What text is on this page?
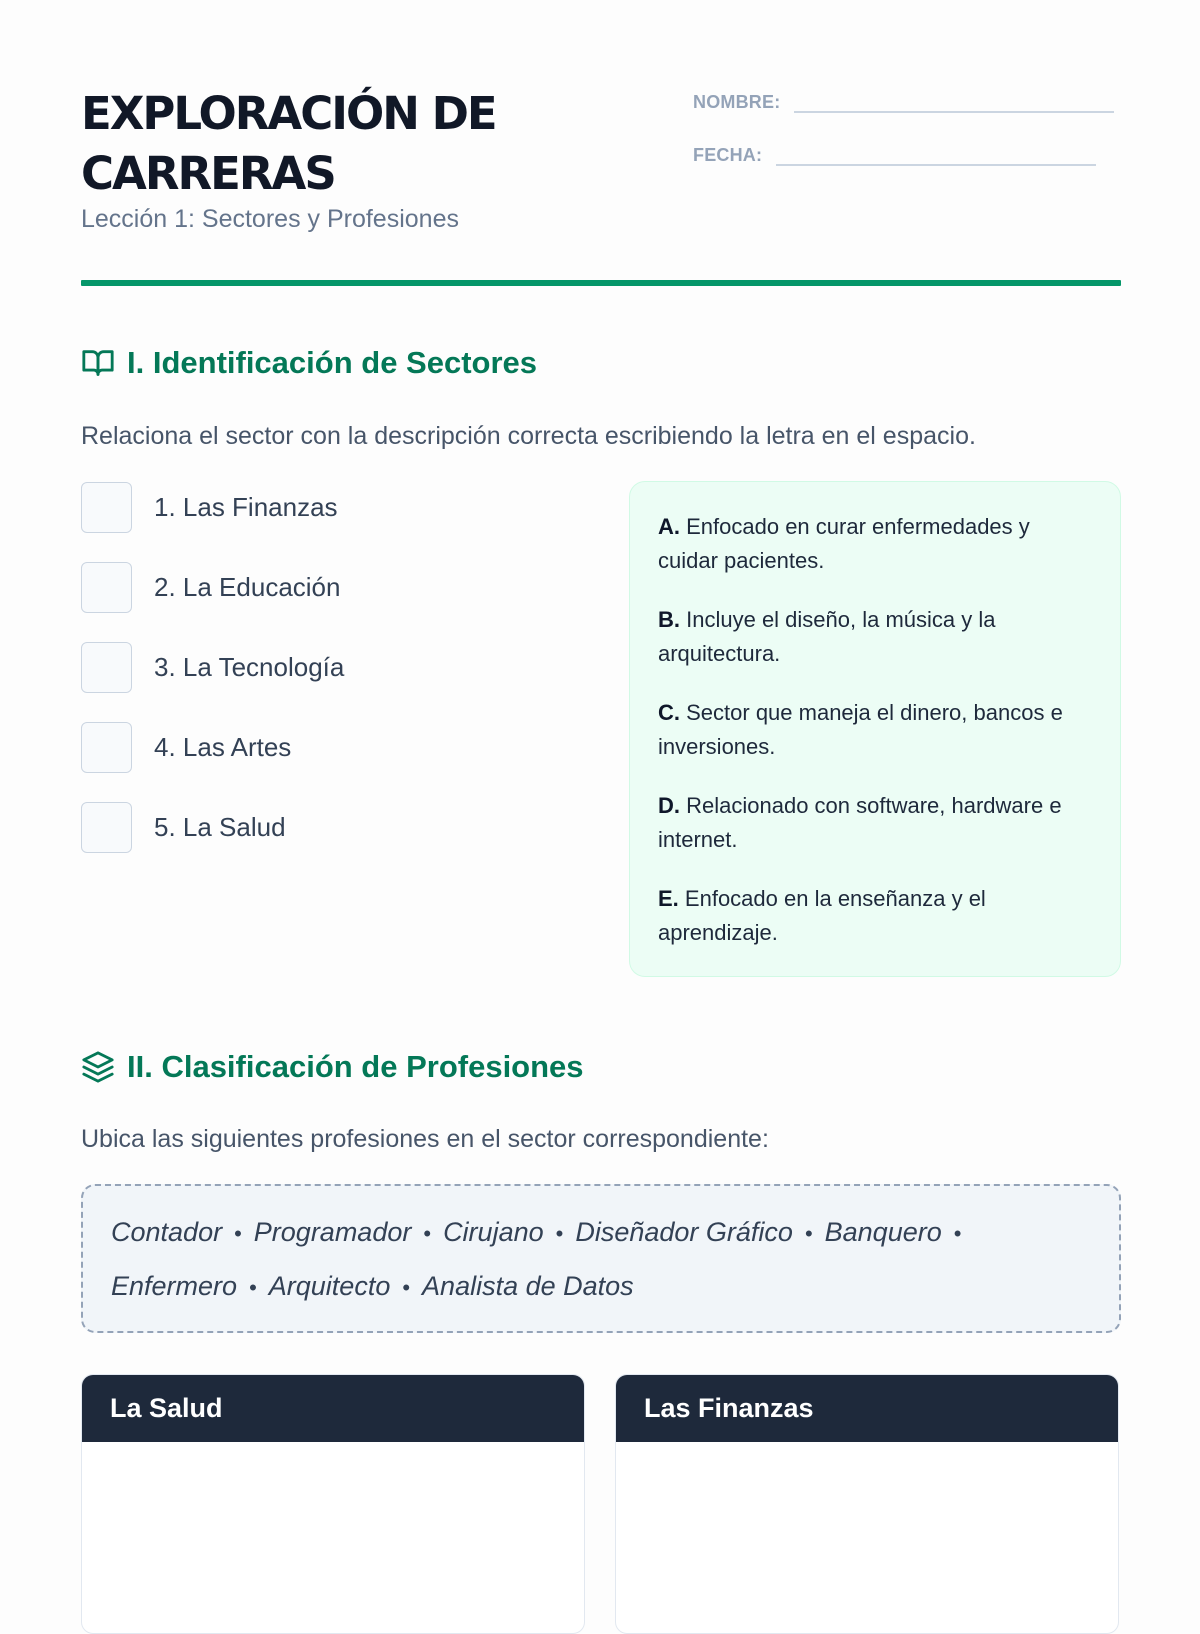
EXPLORACIÓN DE CARRERAS
Lección 1: Sectores y Profesiones
NOMBRE:
FECHA:
I. Identificación de Sectores

Relaciona el sector con la descripción correcta escribiendo la letra en el espacio.

1. Las Finanzas
2. La Educación
3. La Tecnología
4. Las Artes
5. La Salud
A. Enfocado en curar enfermedades y cuidar pacientes.
B. Incluye el diseño, la música y la arquitectura.
C. Sector que maneja el dinero, bancos e inversiones.
D. Relacionado con software, hardware e internet.
E. Enfocado en la enseñanza y el aprendizaje.
II. Clasificación de Profesiones

Ubica las siguientes profesiones en el sector correspondiente:

Contador • Programador • Cirujano • Diseñador Gráfico • Banquero •
Enfermero • Arquitecto • Analista de Datos
La Salud	Las Finanzas
